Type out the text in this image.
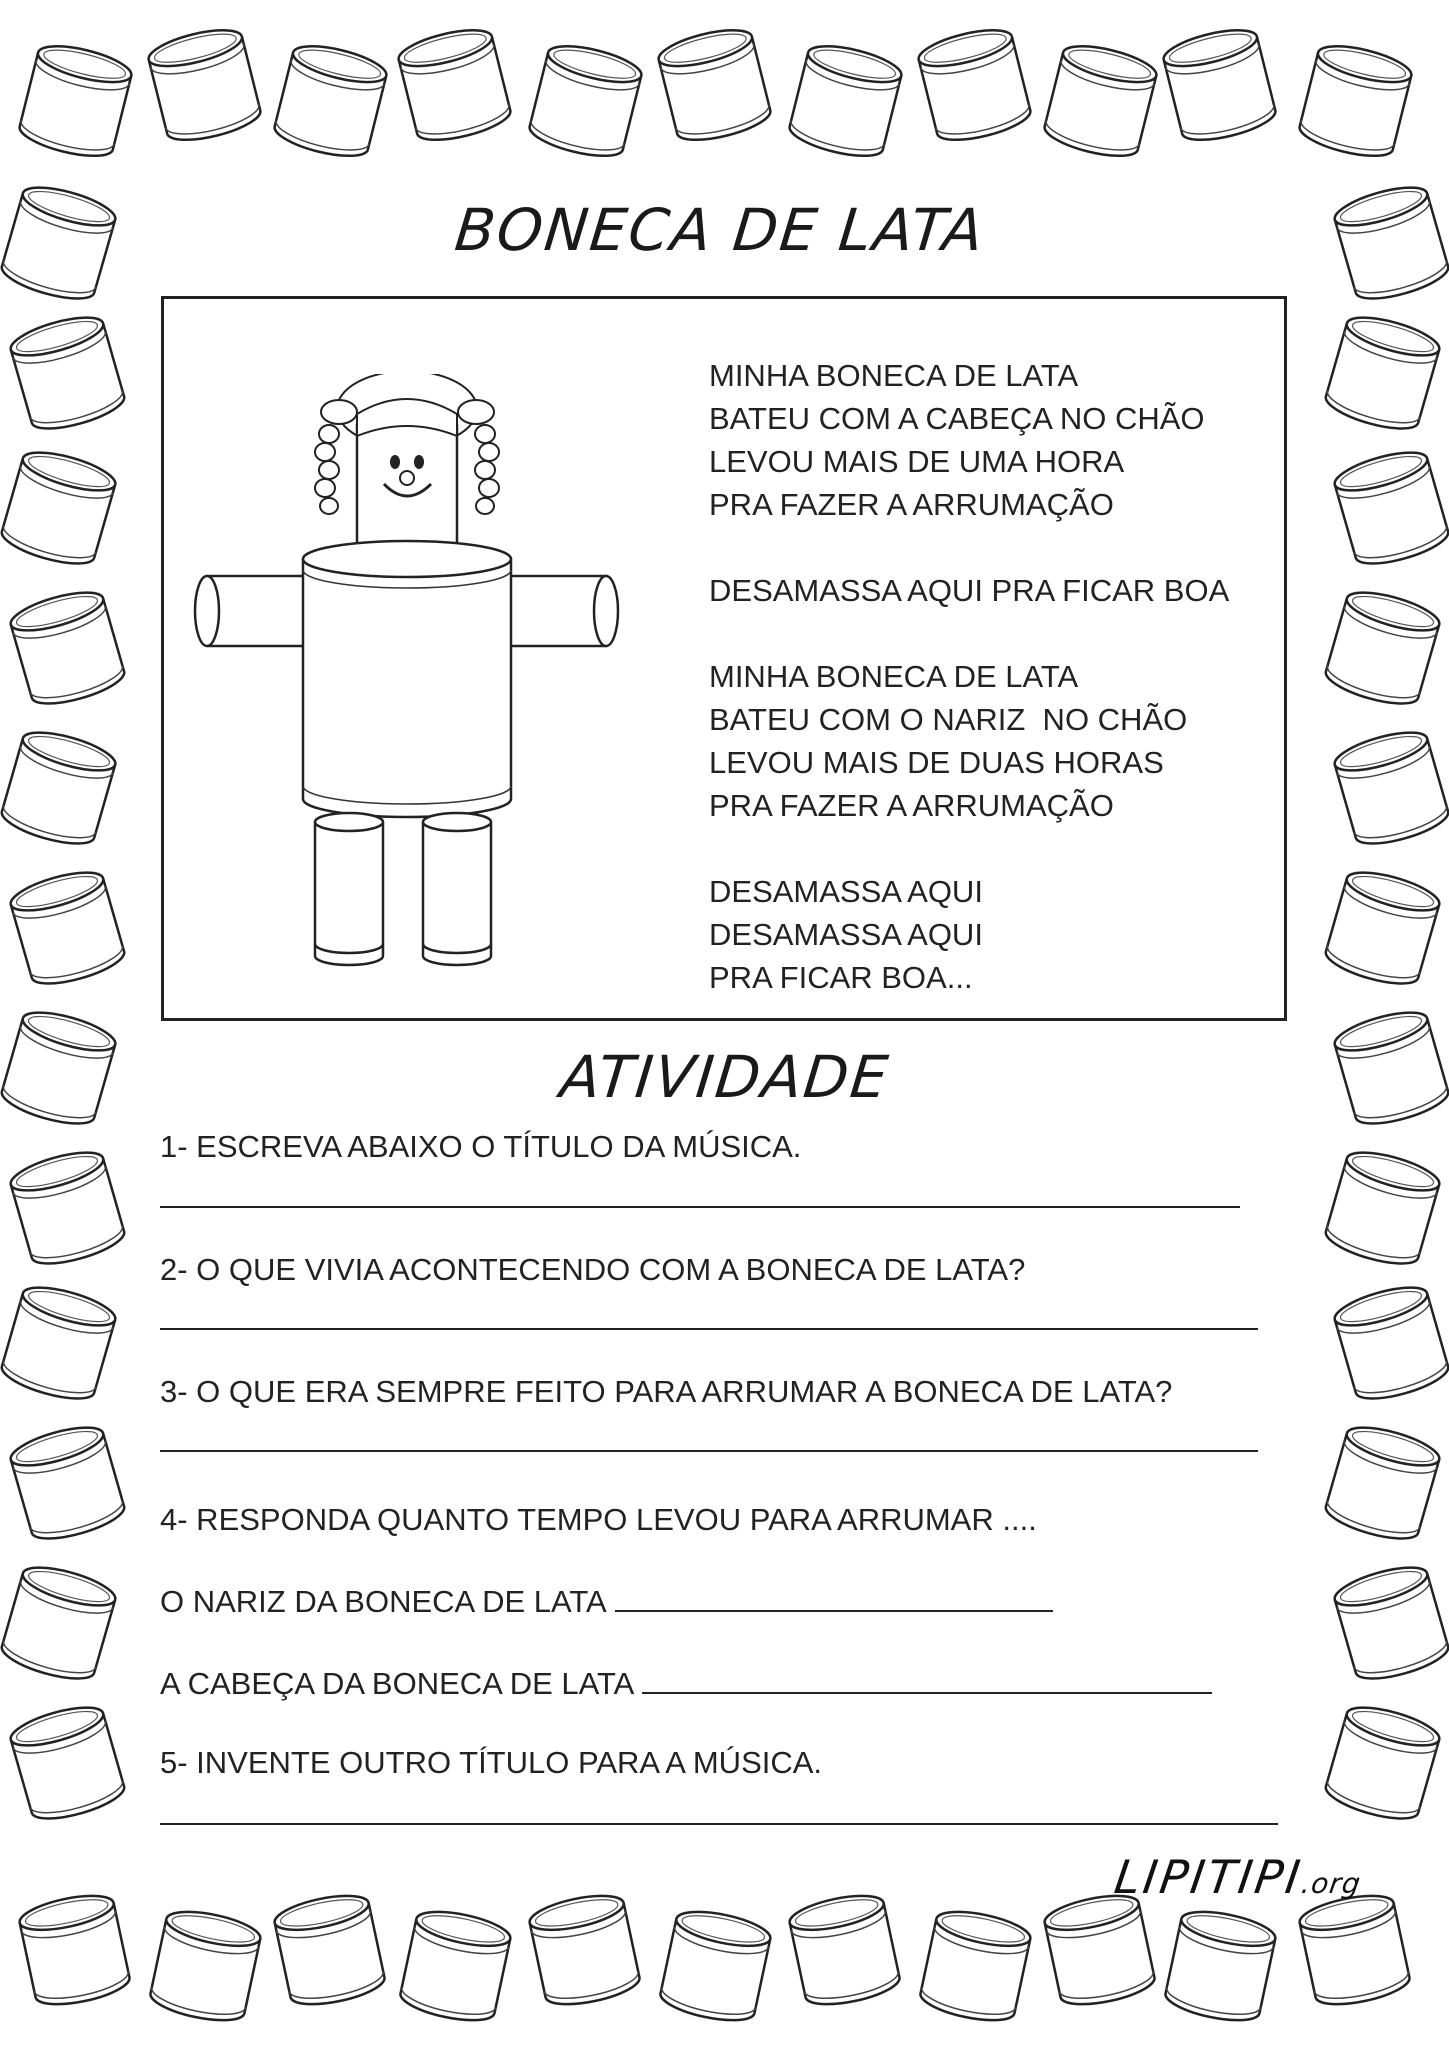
BONECA DE LATA
MINHA BONECA DE LATA
BATEU COM A CABEÇA NO CHÃO
LEVOU MAIS DE UMA HORA
PRA FAZER A ARRUMAÇÃO
DESAMASSA AQUI PRA FICAR BOA
MINHA BONECA DE LATA
BATEU COM O NARIZ  NO CHÃO
LEVOU MAIS DE DUAS HORAS
PRA FAZER A ARRUMAÇÃO
DESAMASSA AQUI
DESAMASSA AQUI
PRA FICAR BOA...
ATIVIDADE
1- ESCREVA ABAIXO O TÍTULO DA MÚSICA.
2- O QUE VIVIA ACONTECENDO COM A BONECA DE LATA?
3- O QUE ERA SEMPRE FEITO PARA ARRUMAR A BONECA DE LATA?
4- RESPONDA QUANTO TEMPO LEVOU PARA ARRUMAR ....
O NARIZ DA BONECA DE LATA
A CABEÇA DA BONECA DE LATA
5- INVENTE OUTRO TÍTULO PARA A MÚSICA.
LIPITIPI.org
